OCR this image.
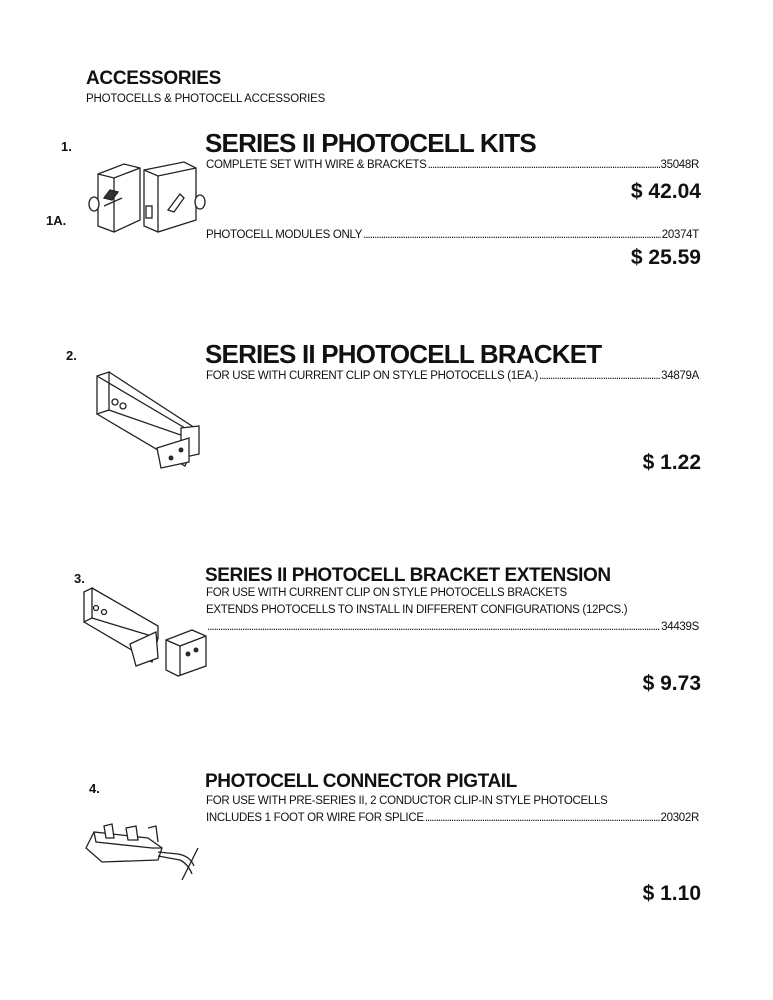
ACCESSORIES
PHOTOCELLS & PHOTOCELL ACCESSORIES
1.	SERIES II PHOTOCELL KITS
COMPLETE SET WITH WIRE & BRACKETS .....	35048R
$ 42.04
1A.
PHOTOCELL MODULES ONLY .....	20374T
$ 25.59
2.	SERIES II PHOTOCELL BRACKET
FOR USE WITH CURRENT CLIP ON STYLE PHOTOCELLS (1EA.) .....	34879A
$ 1.22
3.	SERIES II PHOTOCELL BRACKET EXTENSION
FOR USE WITH CURRENT CLIP ON STYLE PHOTOCELLS BRACKETS
EXTENDS PHOTOCELLS TO INSTALL IN DIFFERENT CONFIGURATIONS (12PCS.)
.....
34439S
$ 9.73
4.	PHOTOCELL CONNECTOR PIGTAIL
FOR USE WITH PRE-SERIES II, 2 CONDUCTOR CLIP-IN STYLE PHOTOCELLS
INCLUDES 1 FOOT OR WIRE FOR SPLICE .....	20302R
$ 1.10
